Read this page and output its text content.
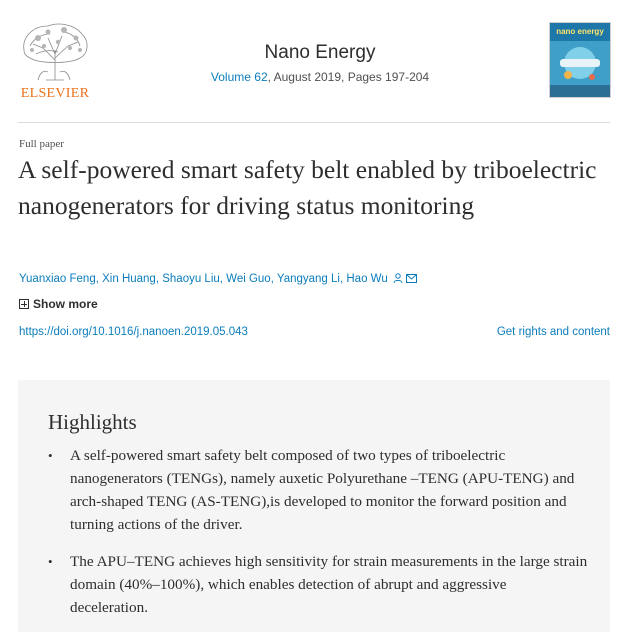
ELSEVIER
Nano Energy
Volume 62, August 2019, Pages 197-204
nano energy
Full paper
A self-powered smart safety belt enabled by triboelectric nanogenerators for driving status monitoring
Yuanxiao Feng, Xin Huang, Shaoyu Liu, Wei Guo, Yangyang Li, Hao Wu
Show more
https://doi.org/10.1016/j.nanoen.2019.05.043	Get rights and content
Highlights
• A self-powered smart safety belt composed of two types of triboelectric nanogenerators (TENGs), namely auxetic Polyurethane –TENG (APU-TENG) and arch-shaped TENG (AS-TENG),is developed to monitor the forward position and turning actions of the driver.
• The APU–TENG achieves high sensitivity for strain measurements in the large strain domain (40%–100%), which enables detection of abrupt and aggressive deceleration.
